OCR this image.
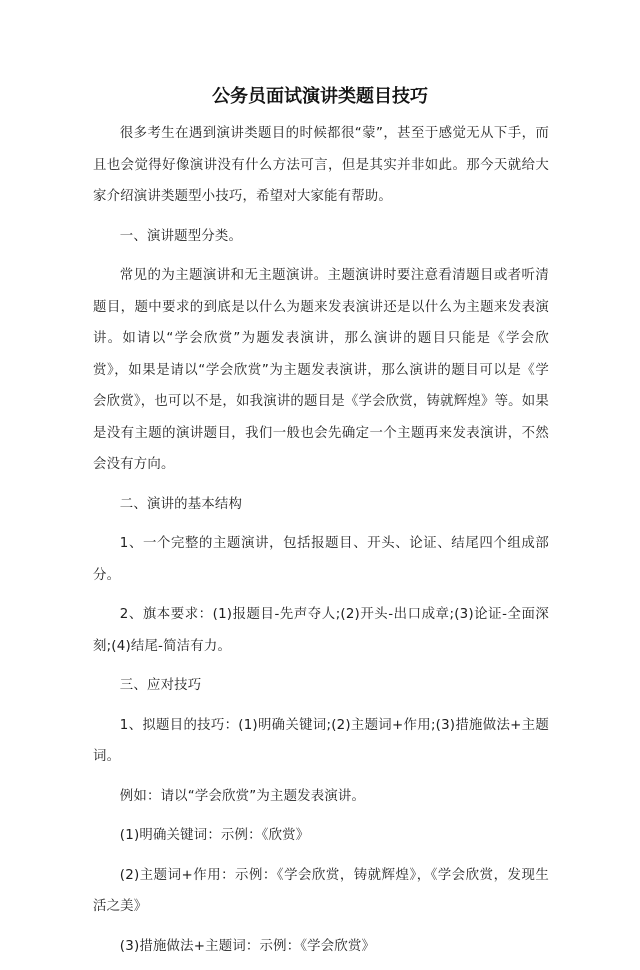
公务员面试演讲类题目技巧

很多考生在遇到演讲类题目的时候都很“蒙”，甚至于感觉无从下手，而且也会觉得好像演讲没有什么方法可言，但是其实并非如此。那今天就给大家介绍演讲类题型小技巧，希望对大家能有帮助。

一、演讲题型分类。

常见的为主题演讲和无主题演讲。主题演讲时要注意看清题目或者听清题目，题中要求的到底是以什么为题来发表演讲还是以什么为主题来发表演讲。如请以“学会欣赏”为题发表演讲，那么演讲的题目只能是《学会欣赏》，如果是请以“学会欣赏”为主题发表演讲，那么演讲的题目可以是《学会欣赏》，也可以不是，如我演讲的题目是《学会欣赏，铸就辉煌》等。如果是没有主题的演讲题目，我们一般也会先确定一个主题再来发表演讲，不然会没有方向。

二、演讲的基本结构

1、一个完整的主题演讲，包括报题目、开头、论证、结尾四个组成部分。

2、旗本要求：(1)报题目-先声夺人;(2)开头-出口成章;(3)论证-全面深刻;(4)结尾-简洁有力。

三、应对技巧

1、拟题目的技巧：(1)明确关键词;(2)主题词+作用;(3)措施做法+主题词。

例如：请以“学会欣赏”为主题发表演讲。

(1)明确关键词：示例：《欣赏》

(2)主题词+作用：示例：《学会欣赏，铸就辉煌》，《学会欣赏，发现生活之美》

(3)措施做法+主题词：示例：《学会欣赏》
